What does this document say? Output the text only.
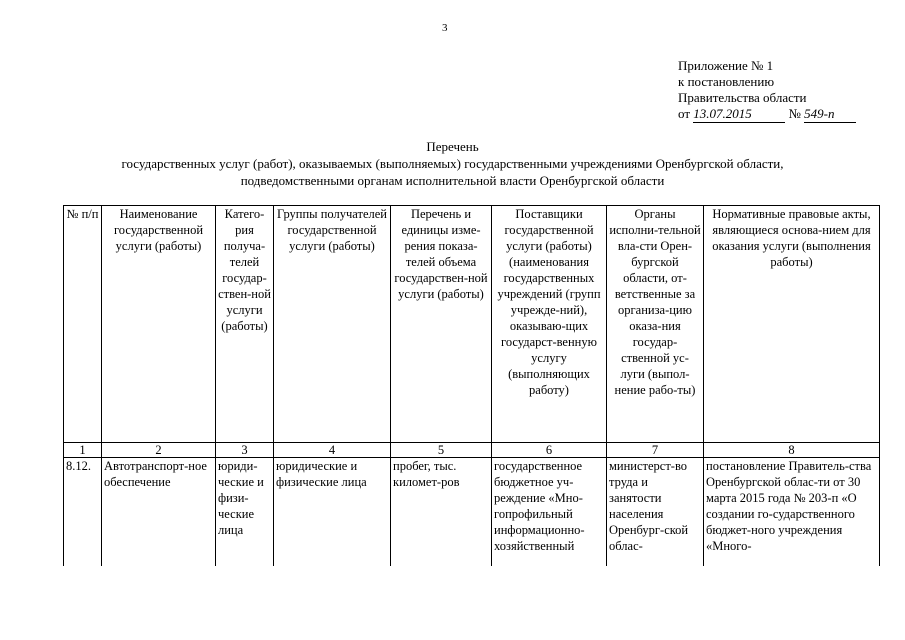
3
Приложение № 1
к постановлению
Правительства области
от 13.07.2015	№ 549-п
Перечень
государственных услуг (работ), оказываемых (выполняемых) государственными учреждениями Оренбургской области,
подведомственными органам исполнительной власти Оренбургской области
№ п/п	Наименование государственной услуги (работы)	Катего-рия получа-телей государ-ствен-ной услуги (работы)	Группы получателей государственной услуги (работы)	Перечень и единицы изме-рения показа-телей объема государствен-ной услуги (работы)	Поставщики государственной услуги (работы) (наименования государственных учреждений (групп учрежде-ний), оказываю-щих государст-венную услугу (выполняющих работу)	Органы исполни-тельной вла-сти Орен-бургской области, от-ветственные за организа-цию оказа-ния государ-ственной ус-луги (выпол-нение рабо-ты)	Нормативные правовые акты, являющиеся основа-нием для оказания услуги (выполнения работы)
1	2	3	4	5	6	7	8
8.12.	Автотранспорт-ное обеспечение	юриди-ческие и физи-ческие лица	юридические и физические лица	пробег, тыс. километ-ров	государственное бюджетное уч-реждение «Мно-гопрофильный информационно-хозяйственный	министерст-во труда и занятости населения Оренбург-ской облас-	постановление Правитель-ства Оренбургской облас-ти от 30 марта 2015 года № 203-п «О создании го-сударственного бюджет-ного учреждения «Много-
